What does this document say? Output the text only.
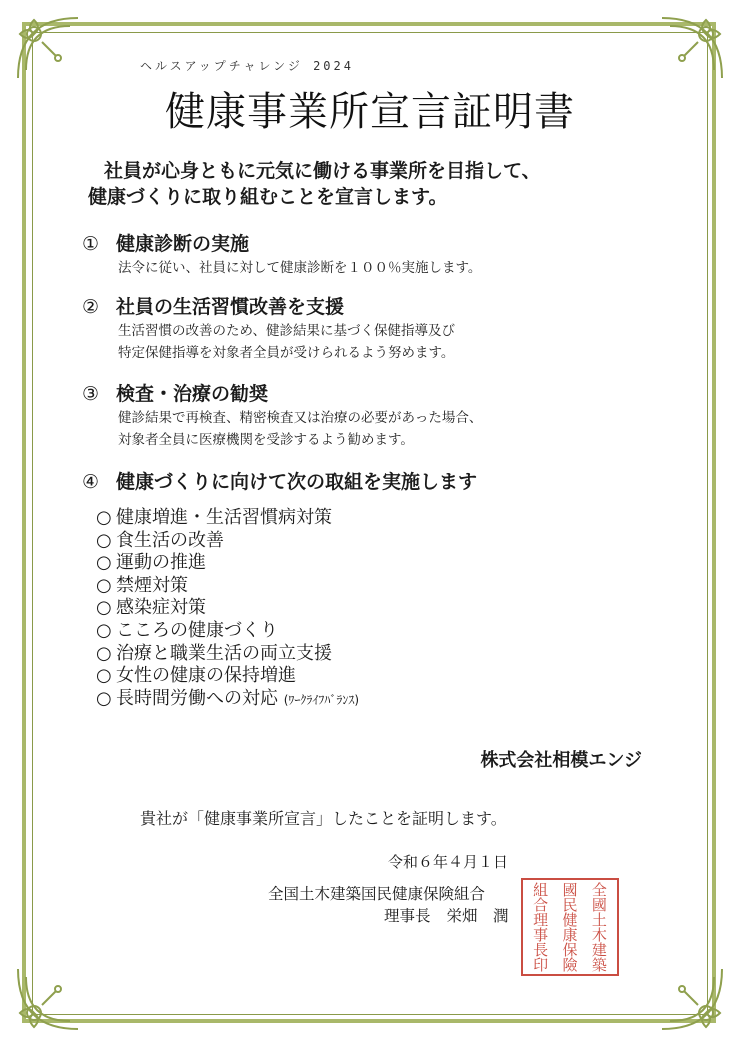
ヘルスアップチャレンジ 2024
健康事業所宣言証明書
社員が心身ともに元気に働ける事業所を目指して、
健康づくりに取り組むことを宣言します。
① 健康診断の実施
法令に従い、社員に対して健康診断を１００％実施します。
② 社員の生活習慣改善を支援
生活習慣の改善のため、健診結果に基づく保健指導及び
特定保健指導を対象者全員が受けられるよう努めます。
③ 検査・治療の勧奨
健診結果で再検査、精密検査又は治療の必要があった場合、
対象者全員に医療機関を受診するよう勧めます。
④ 健康づくりに向けて次の取組を実施します
○ 健康増進・生活習慣病対策
○ 食生活の改善
○ 運動の推進
○ 禁煙対策
○ 感染症対策
○ こころの健康づくり
○ 治療と職業生活の両立支援
○ 女性の健康の保持増進
○ 長時間労働への対応 (ﾜｰｸﾗｲﾌﾊﾞﾗﾝｽ)
株式会社相模エンジ
貴社が「健康事業所宣言」したことを証明します。
令和６年４月１日
全国土木建築国民健康保険組合
理事長 栄畑　潤
全
國
土
木
建
築
國
民
健
康
保
險
組
合
理
事
長
印
